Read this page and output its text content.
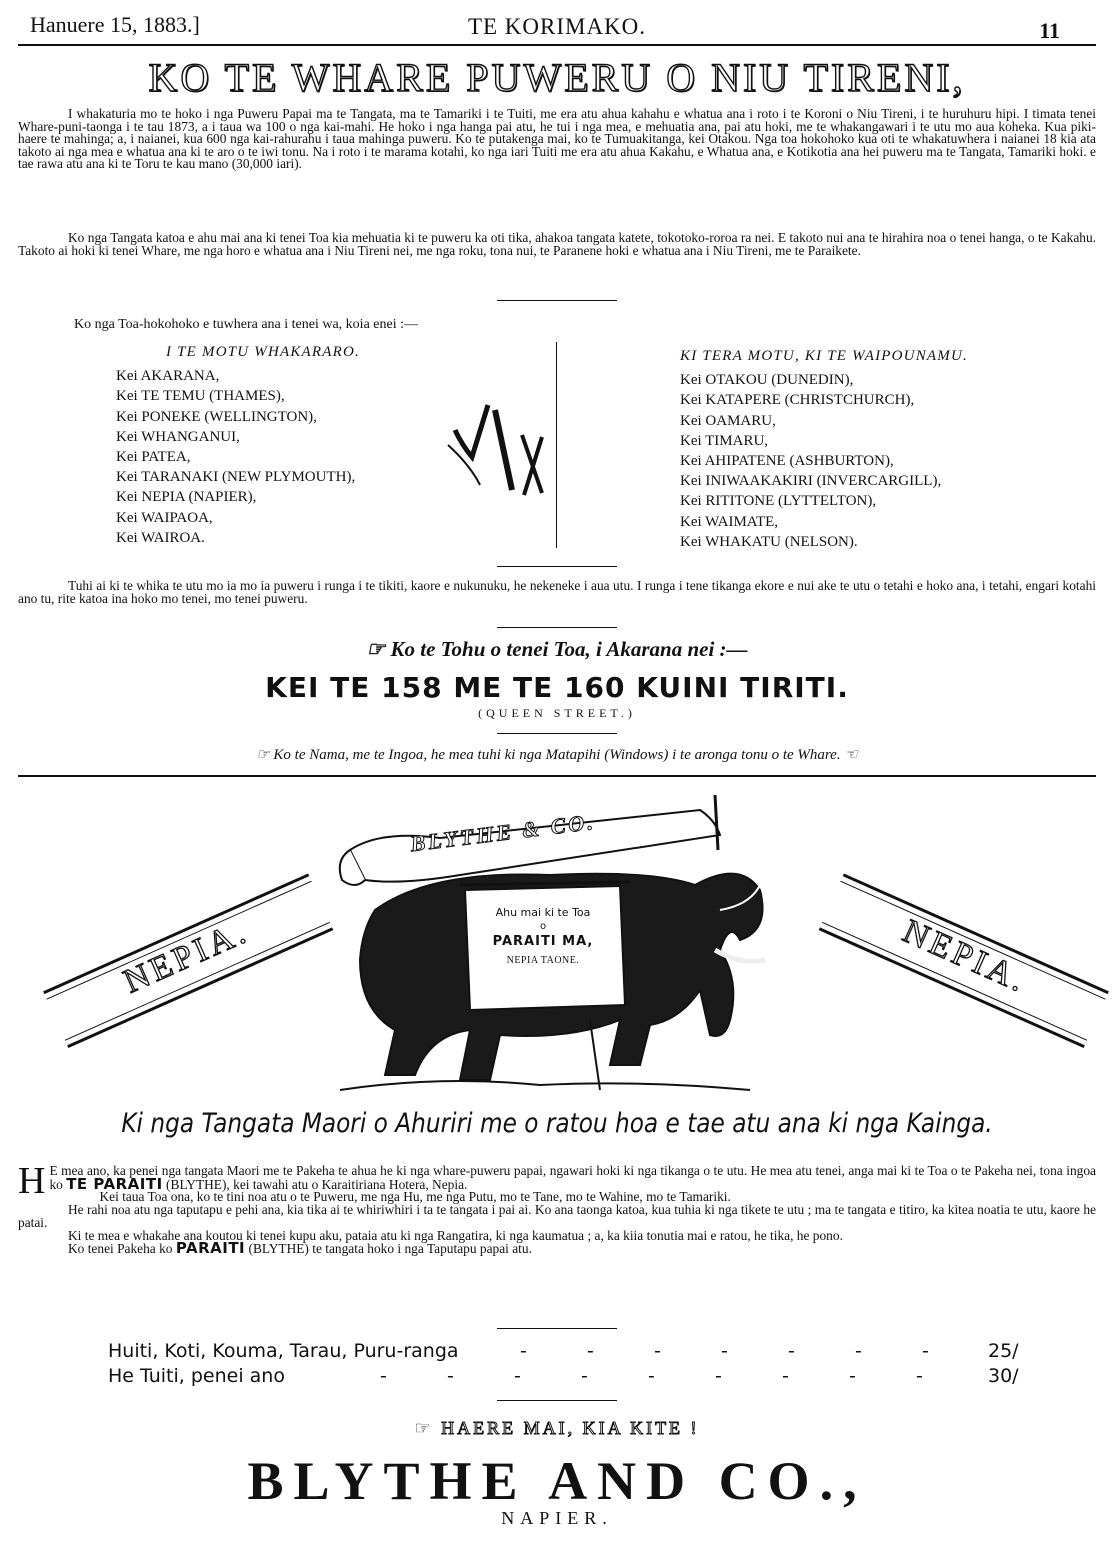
Hanuere 15, 1883.]	TE KORIMAKO.	11
KO TE WHARE PUWERU O NIU TIRENI,
I whakaturia mo te hoko i nga Puweru Papai ma te Tangata, ma te Tamariki i te Tuiti, me era atu ahua kahahu e whatua ana i roto i te Koroni o Niu Tireni, i te huruhuru hipi. I timata tenei Whare-puni-taonga i te tau 1873, a i taua wa 100 o nga kai-mahi. He hoko i nga hanga pai atu, he tui i nga mea, e mehuatia ana, pai atu hoki, me te whakangawari i te utu mo aua koheka. Kua piki-haere te mahinga; a, i naianei, kua 600 nga kai-rahurahu i taua mahinga puweru. Ko te putakenga mai, ko te Tumuakitanga, kei Otakou. Nga toa hokohoko kua oti te whakatuwhera i naianei 18 kia ata takoto ai nga mea e whatua ana ki te aro o te iwi tonu. Na i roto i te marama kotahi, ko nga iari Tuiti me era atu ahua Kakahu, e Whatua ana, e Kotikotia ana hei puweru ma te Tangata, Tamariki hoki. e tae rawa atu ana ki te Toru te kau mano (30,000 iari).
Ko nga Tangata katoa e ahu mai ana ki tenei Toa kia mehuatia ki te puweru ka oti tika, ahakoa tangata katete, tokotoko-roroa ra nei. E takoto nui ana te hirahira noa o tenei hanga, o te Kakahu. Takoto ai hoki ki tenei Whare, me nga horo e whatua ana i Niu Tireni nei, me nga roku, tona nui, te Paranene hoki e whatua ana i Niu Tireni, me te Paraikete.
Ko nga Toa-hokohoko e tuwhera ana i tenei wa, koia enei :—
I TE MOTU WHAKARARO.
Kei AKARANA,
Kei TE TEMU (THAMES),
Kei PONEKE (WELLINGTON),
Kei WHANGANUI,
Kei PATEA,
Kei TARANAKI (NEW PLYMOUTH),
Kei NEPIA (NAPIER),
Kei WAIPAOA,
Kei WAIROA.
KI TERA MOTU, KI TE WAIPOUNAMU.
Kei OTAKOU (DUNEDIN),
Kei KATAPERE (CHRISTCHURCH),
Kei OAMARU,
Kei TIMARU,
Kei AHIPATENE (ASHBURTON),
Kei INIWAAKAKIRI (INVERCARGILL),
Kei RITITONE (LYTTELTON),
Kei WAIMATE,
Kei WHAKATU (NELSON).
Tuhi ai ki te whika te utu mo ia mo ia puweru i runga i te tikiti, kaore e nukunuku, he nekeneke i aua utu. I runga i tene tikanga ekore e nui ake te utu o tetahi e hoko ana, i tetahi, engari kotahi ano tu, rite katoa ina hoko mo tenei, mo tenei puweru.
☞ Ko te Tohu o tenei Toa, i Akarana nei :—
KEI TE 158 ME TE 160 KUINI TIRITI.
(QUEEN STREET.)
☞ Ko te Nama, me te Ingoa, he mea tuhi ki nga Matapihi (Windows) i te aronga tonu o te Whare. ☜
NEPIA.	NEPIA.
BLYTHE & CO.
Ahu mai ki te Toa
o
PARAITI MA,
NEPIA TAONE.
Ki nga Tangata Maori o Ahuriri me o ratou hoa e tae atu ana ki nga Kainga.

H E mea ano, ka penei nga tangata Maori me te Pakeha te ahua he ki nga whare-puweru papai, ngawari hoki ki nga tikanga o te utu. He mea atu tenei, anga mai ki te Toa o te Pakeha nei, tona ingoa ko TE PARAITI (BLYTHE), kei tawahi atu o Karaitiriana Hotera, Nepia.

Kei taua Toa ona, ko te tini noa atu o te Puweru, me nga Hu, me nga Putu, mo te Tane, mo te Wahine, mo te Tamariki.

He rahi noa atu nga taputapu e pehi ana, kia tika ai te whiriwhiri i ta te tangata i pai ai. Ko ana taonga katoa, kua tuhia ki nga tikete te utu ; ma te tangata e titiro, ka kitea noatia te utu, kaore he patai.

Ki te mea e whakahe ana koutou ki tenei kupu aku, pataia atu ki nga Rangatira, ki nga kaumatua ; a, ka kiia tonutia mai e ratou, he tika, he pono.

Ko tenei Pakeha ko PARAITI (BLYTHE) te tangata hoko i nga Taputapu papai atu.

Huiti, Koti, Kouma, Tarau, Puru-ranga	-	-	-	-	-	-	-	25/
He Tuiti, penei ano	-	-	-	-	-	-	-	-	-	30/
☞ HAERE MAI, KIA KITE !
BLYTHE AND CO.,
NAPIER.
